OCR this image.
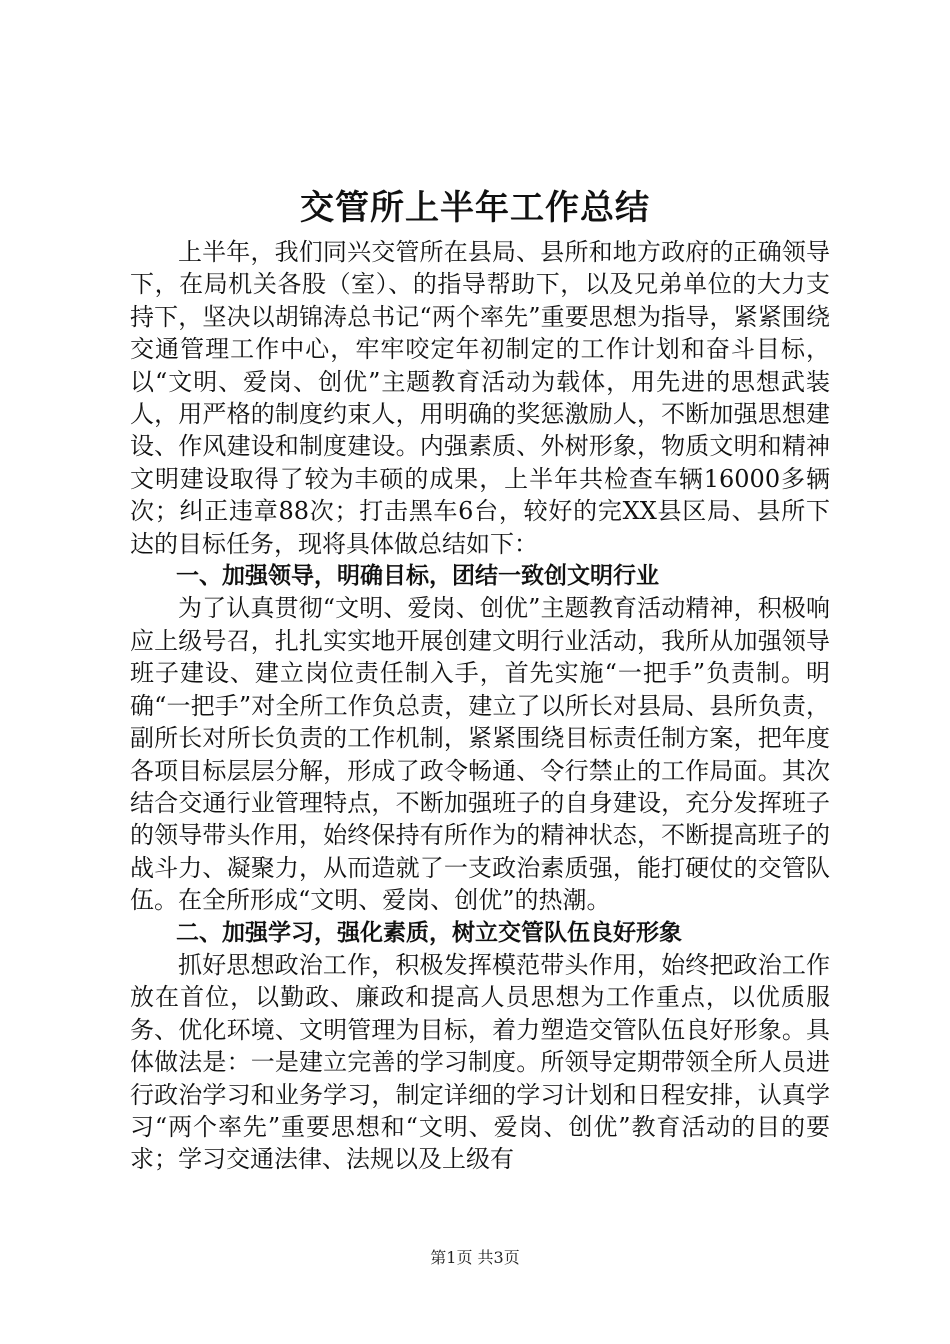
交管所上半年工作总结

上半年，我们同兴交管所在县局、县所和地方政府的正确领导下，在局机关各股（室）、的指导帮助下，以及兄弟单位的大力支持下，坚决以胡锦涛总书记“两个率先”重要思想为指导，紧紧围绕交通管理工作中心，牢牢咬定年初制定的工作计划和奋斗目标，以“文明、爱岗、创优”主题教育活动为载体，用先进的思想武装人，用严格的制度约束人，用明确的奖惩激励人，不断加强思想建设、作风建设和制度建设。内强素质、外树形象，物质文明和精神文明建设取得了较为丰硕的成果，上半年共检查车辆16000多辆次；纠正违章88次；打击黑车6台，较好的完XX县区局、县所下达的目标任务，现将具体做总结如下：

一、加强领导，明确目标，团结一致创文明行业

为了认真贯彻“文明、爱岗、创优”主题教育活动精神，积极响应上级号召，扎扎实实地开展创建文明行业活动，我所从加强领导班子建设、建立岗位责任制入手，首先实施“一把手”负责制。明确“一把手”对全所工作负总责，建立了以所长对县局、县所负责，副所长对所长负责的工作机制，紧紧围绕目标责任制方案，把年度各项目标层层分解，形成了政令畅通、令行禁止的工作局面。其次结合交通行业管理特点，不断加强班子的自身建设，充分发挥班子的领导带头作用，始终保持有所作为的精神状态，不断提高班子的战斗力、凝聚力，从而造就了一支政治素质强，能打硬仗的交管队伍。在全所形成“文明、爱岗、创优”的热潮。

二、加强学习，强化素质，树立交管队伍良好形象

抓好思想政治工作，积极发挥模范带头作用，始终把政治工作放在首位，以勤政、廉政和提高人员思想为工作重点，以优质服务、优化环境、文明管理为目标，着力塑造交管队伍良好形象。具体做法是：一是建立完善的学习制度。所领导定期带领全所人员进行政治学习和业务学习，制定详细的学习计划和日程安排，认真学习“两个率先”重要思想和“文明、爱岗、创优”教育活动的目的要求；学习交通法律、法规以及上级有

第1页 共3页
